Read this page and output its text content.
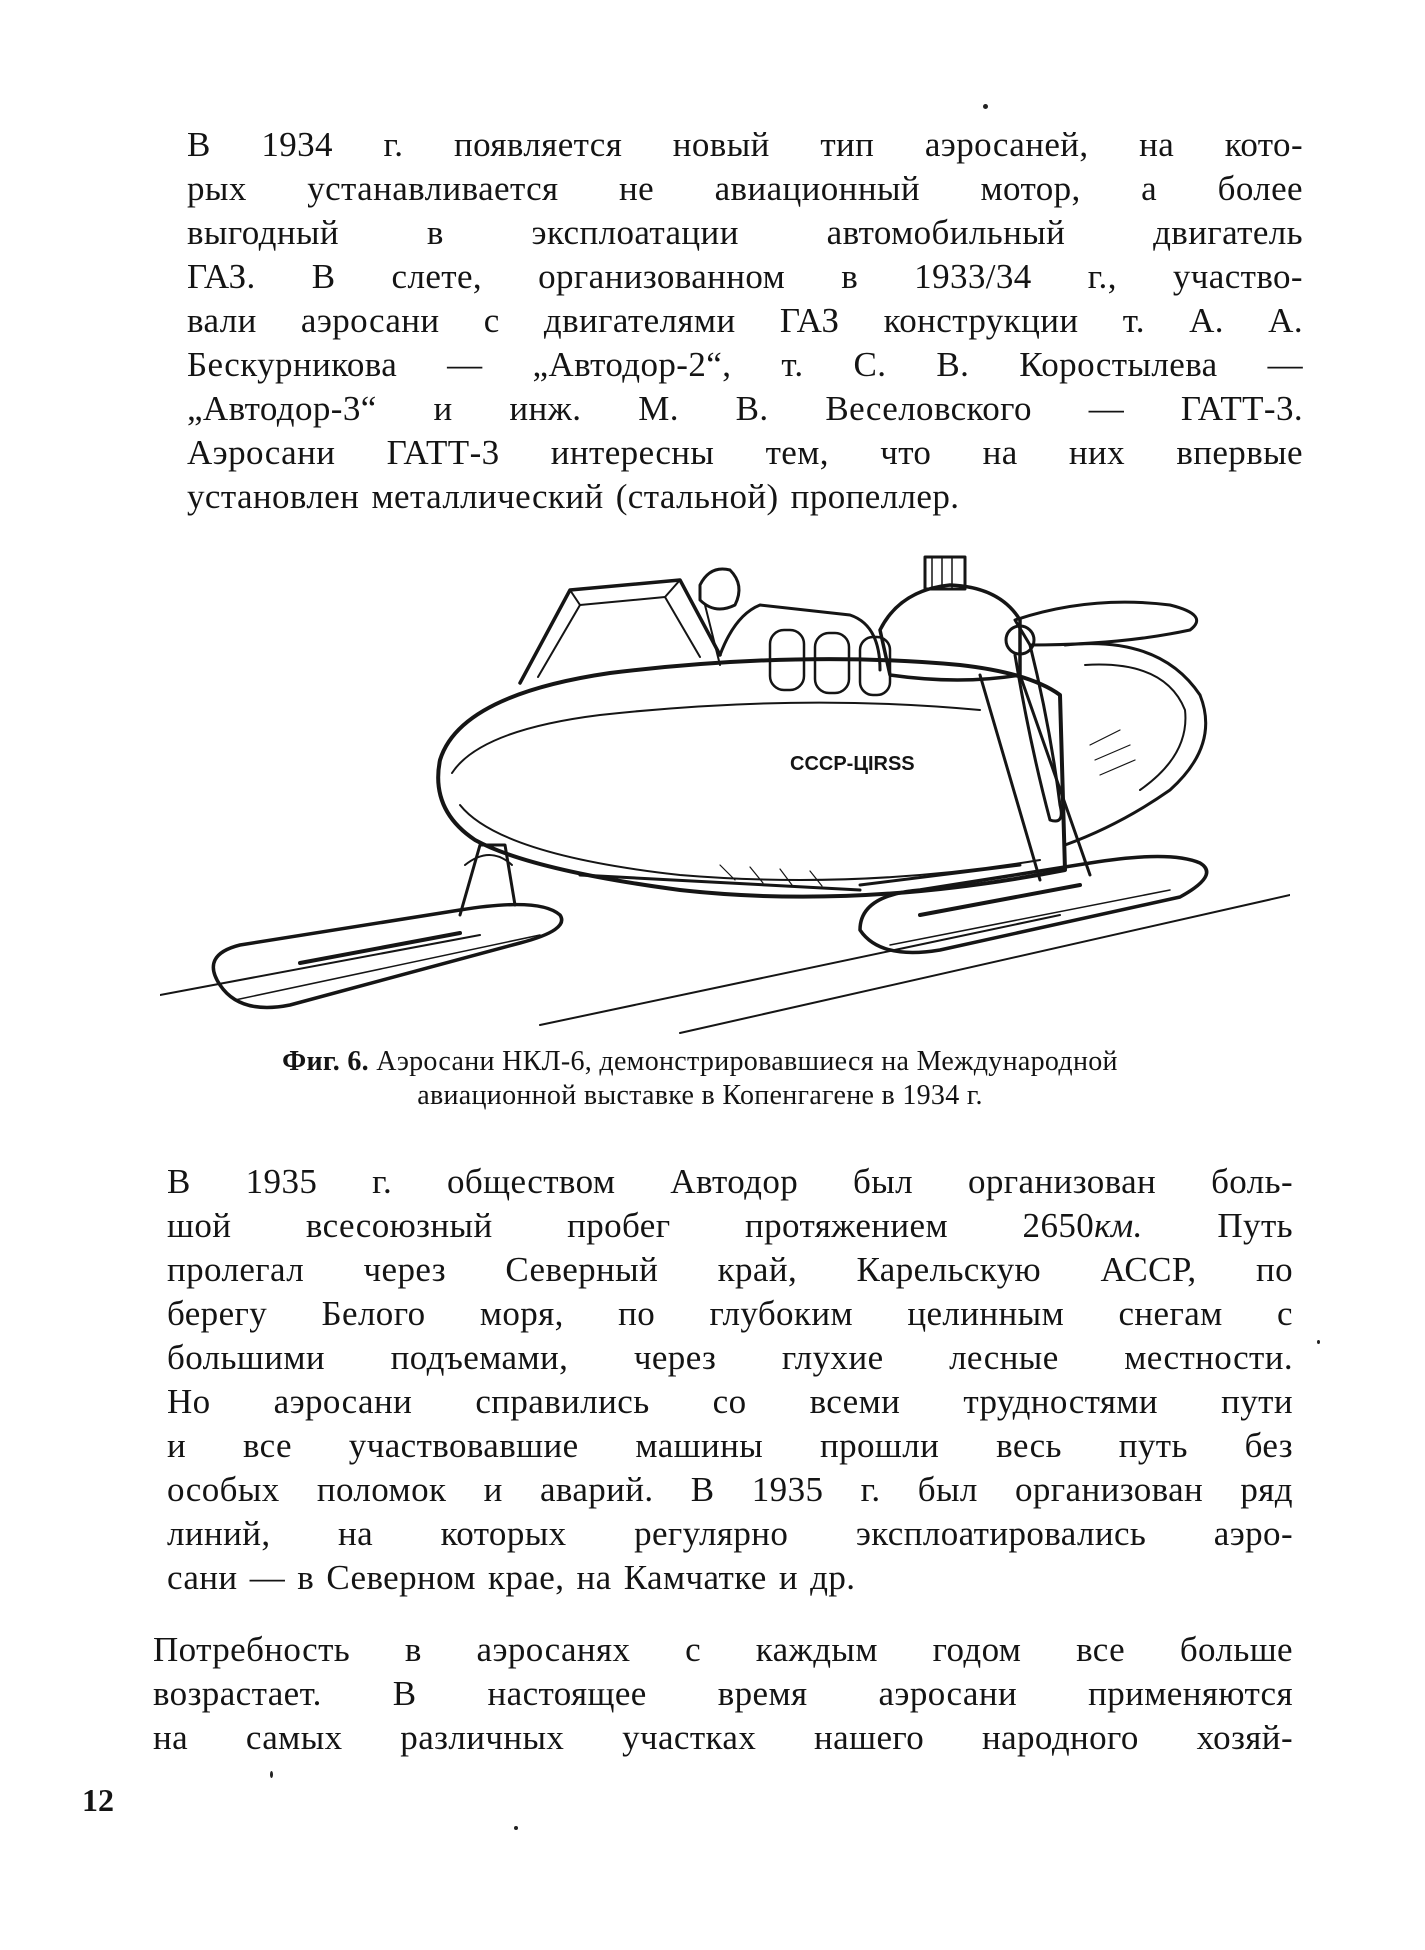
В 1934 г. появляется новый тип аэросаней, на кото-
рых устанавливается не авиационный мотор, а более
выгодный в эксплоатации автомобильный двигатель
ГАЗ. В слете, организованном в 1933/34 г., участво-
вали аэросани с двигателями ГАЗ конструкции т. А. А.
Бескурникова — „Автодор-2“, т. С. В. Коростылева —
„Автодор-3“ и инж. М. В. Веселовского — ГАТТ-3.
Аэросани ГАТТ-3 интересны тем, что на них впервые
установлен металлический (стальной) пропеллер.
CCCP-ЦIRSS
Фиг. 6. Аэросани НКЛ-6, демонстрировавшиеся на Международной
авиационной выставке в Копенгагене в 1934 г.
В 1935 г. обществом Автодор был организован боль-
шой всесоюзный пробег протяжением 2650км. Путь
пролегал через Северный край, Карельскую АССР, по
берегу Белого моря, по глубоким целинным снегам с
большими подъемами, через глухие лесные местности.
Но аэросани справились со всеми трудностями пути
и все участвовавшие машины прошли весь путь без
особых поломок и аварий. В 1935 г. был организован ряд
линий, на которых регулярно эксплоатировались аэро-
сани — в Северном крае, на Камчатке и др.
Потребность в аэросанях с каждым годом все больше
возрастает. В настоящее время аэросани применяются
на самых различных участках нашего народного хозяй-
12
